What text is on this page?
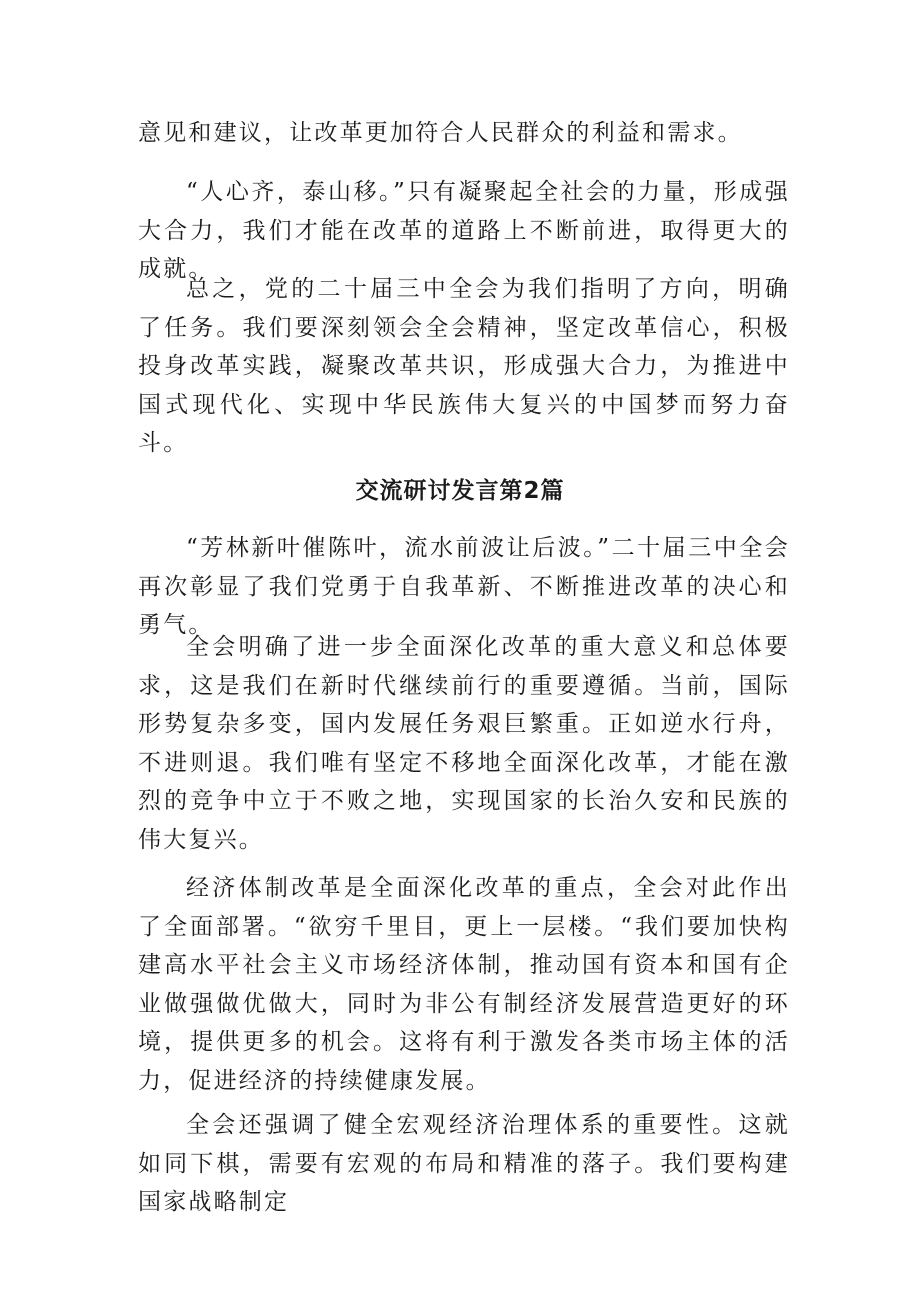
意见和建议，让改革更加符合人民群众的利益和需求。

“人心齐，泰山移。”只有凝聚起全社会的力量，形成强大合力，我们才能在改革的道路上不断前进，取得更大的成就。

总之，党的二十届三中全会为我们指明了方向，明确了任务。我们要深刻领会全会精神，坚定改革信心，积极投身改革实践，凝聚改革共识，形成强大合力，为推进中国式现代化、实现中华民族伟大复兴的中国梦而努力奋斗。

交流研讨发言第2篇

“芳林新叶催陈叶，流水前波让后波。”二十届三中全会再次彰显了我们党勇于自我革新、不断推进改革的决心和勇气。

全会明确了进一步全面深化改革的重大意义和总体要求，这是我们在新时代继续前行的重要遵循。当前，国际形势复杂多变，国内发展任务艰巨繁重。正如逆水行舟，不进则退。我们唯有坚定不移地全面深化改革，才能在激烈的竞争中立于不败之地，实现国家的长治久安和民族的伟大复兴。

经济体制改革是全面深化改革的重点，全会对此作出了全面部署。“欲穷千里目，更上一层楼。“我们要加快构建高水平社会主义市场经济体制，推动国有资本和国有企业做强做优做大，同时为非公有制经济发展营造更好的环境，提供更多的机会。这将有利于激发各类市场主体的活力，促进经济的持续健康发展。

全会还强调了健全宏观经济治理体系的重要性。这就如同下棋，需要有宏观的布局和精准的落子。我们要构建国家战略制定
